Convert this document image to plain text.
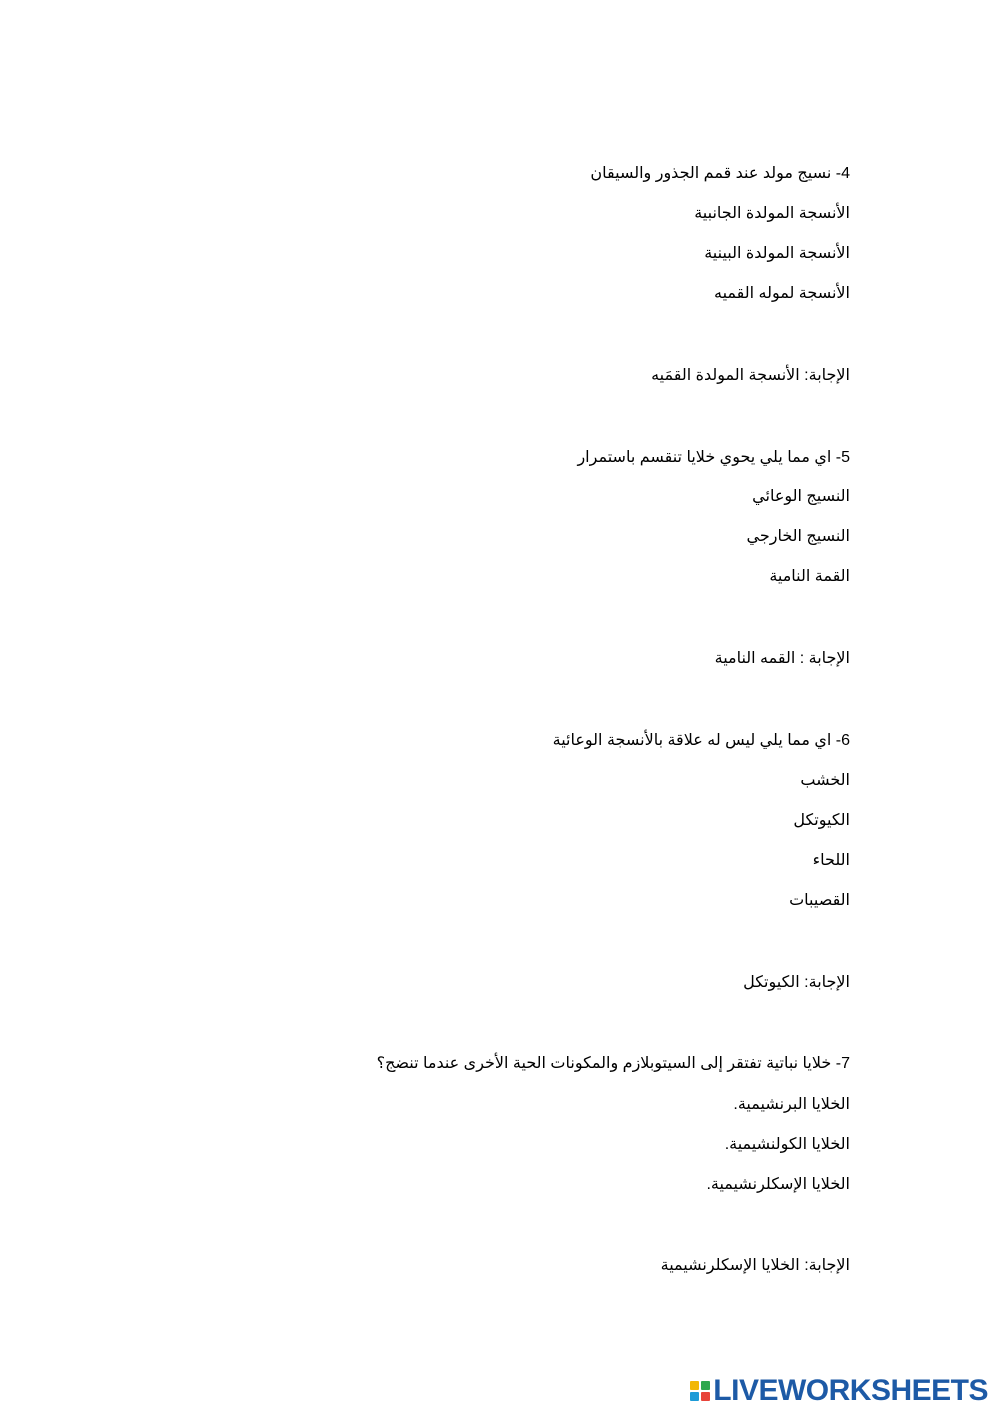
4- نسيج مولد عند قمم الجذور والسيقان
الأنسجة المولدة الجانبية
الأنسجة المولدة البينية
الأنسجة لموله القميه
الإجابة: الأنسجة المولدة القمَيه
5- اي مما يلي يحوي خلايا تنقسم باستمرار
النسيج الوعائي
النسيج الخارجي
القمة النامية
الإجابة : القمه النامية
6- اي مما يلي ليس له علاقة بالأنسجة الوعائية
الخشب
الكيوتكل
اللحاء
القصيبات
الإجابة: الكيوتكل
7- خلايا نباتية تفتقر إلى السيتوبلازم والمكونات الحية الأخرى عندما تنضج؟
الخلايا البرنشيمية.
الخلايا الكولنشيمية.
الخلايا الإسكلرنشيمية.
الإجابة: الخلايا الإسكلرنشيمية
LIVEWORKSHEETS
